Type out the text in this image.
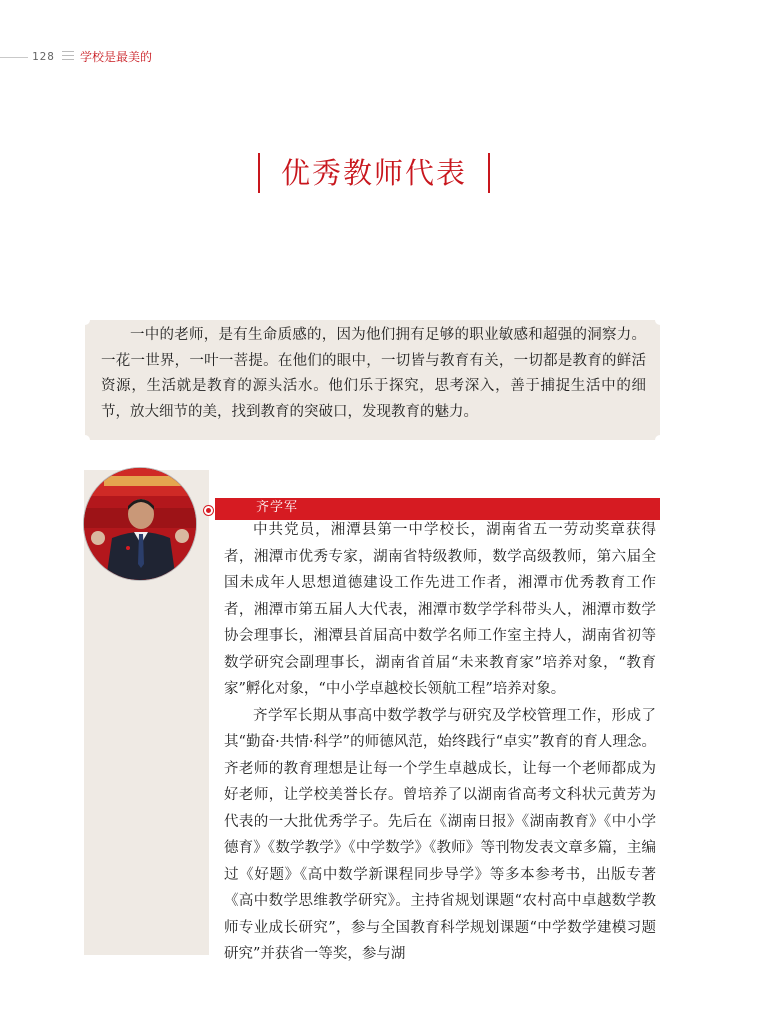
128 学校是最美的
优秀教师代表
一中的老师，是有生命质感的，因为他们拥有足够的职业敏感和超强的洞察力。一花一世界，一叶一菩提。在他们的眼中，一切皆与教育有关，一切都是教育的鲜活资源，生活就是教育的源头活水。他们乐于探究，思考深入，善于捕捉生活中的细节，放大细节的美，找到教育的突破口，发现教育的魅力。
齐学军

中共党员，湘潭县第一中学校长，湖南省五一劳动奖章获得者，湘潭市优秀专家，湖南省特级教师，数学高级教师，第六届全国未成年人思想道德建设工作先进工作者，湘潭市优秀教育工作者，湘潭市第五届人大代表，湘潭市数学学科带头人，湘潭市数学协会理事长，湘潭县首届高中数学名师工作室主持人，湖南省初等数学研究会副理事长，湖南省首届“未来教育家”培养对象，“教育家”孵化对象，“中小学卓越校长领航工程”培养对象。

齐学军长期从事高中数学教学与研究及学校管理工作，形成了其“勤奋·共情·科学”的师德风范，始终践行“卓实”教育的育人理念。齐老师的教育理想是让每一个学生卓越成长，让每一个老师都成为好老师，让学校美誉长存。曾培养了以湖南省高考文科状元黄芳为代表的一大批优秀学子。先后在《湖南日报》《湖南教育》《中小学德育》《数学教学》《中学数学》《教师》等刊物发表文章多篇，主编过《好题》《高中数学新课程同步导学》等多本参考书，出版专著《高中数学思维教学研究》。主持省规划课题“农村高中卓越数学教师专业成长研究”，参与全国教育科学规划课题“中学数学建模习题研究”并获省一等奖，参与湖
